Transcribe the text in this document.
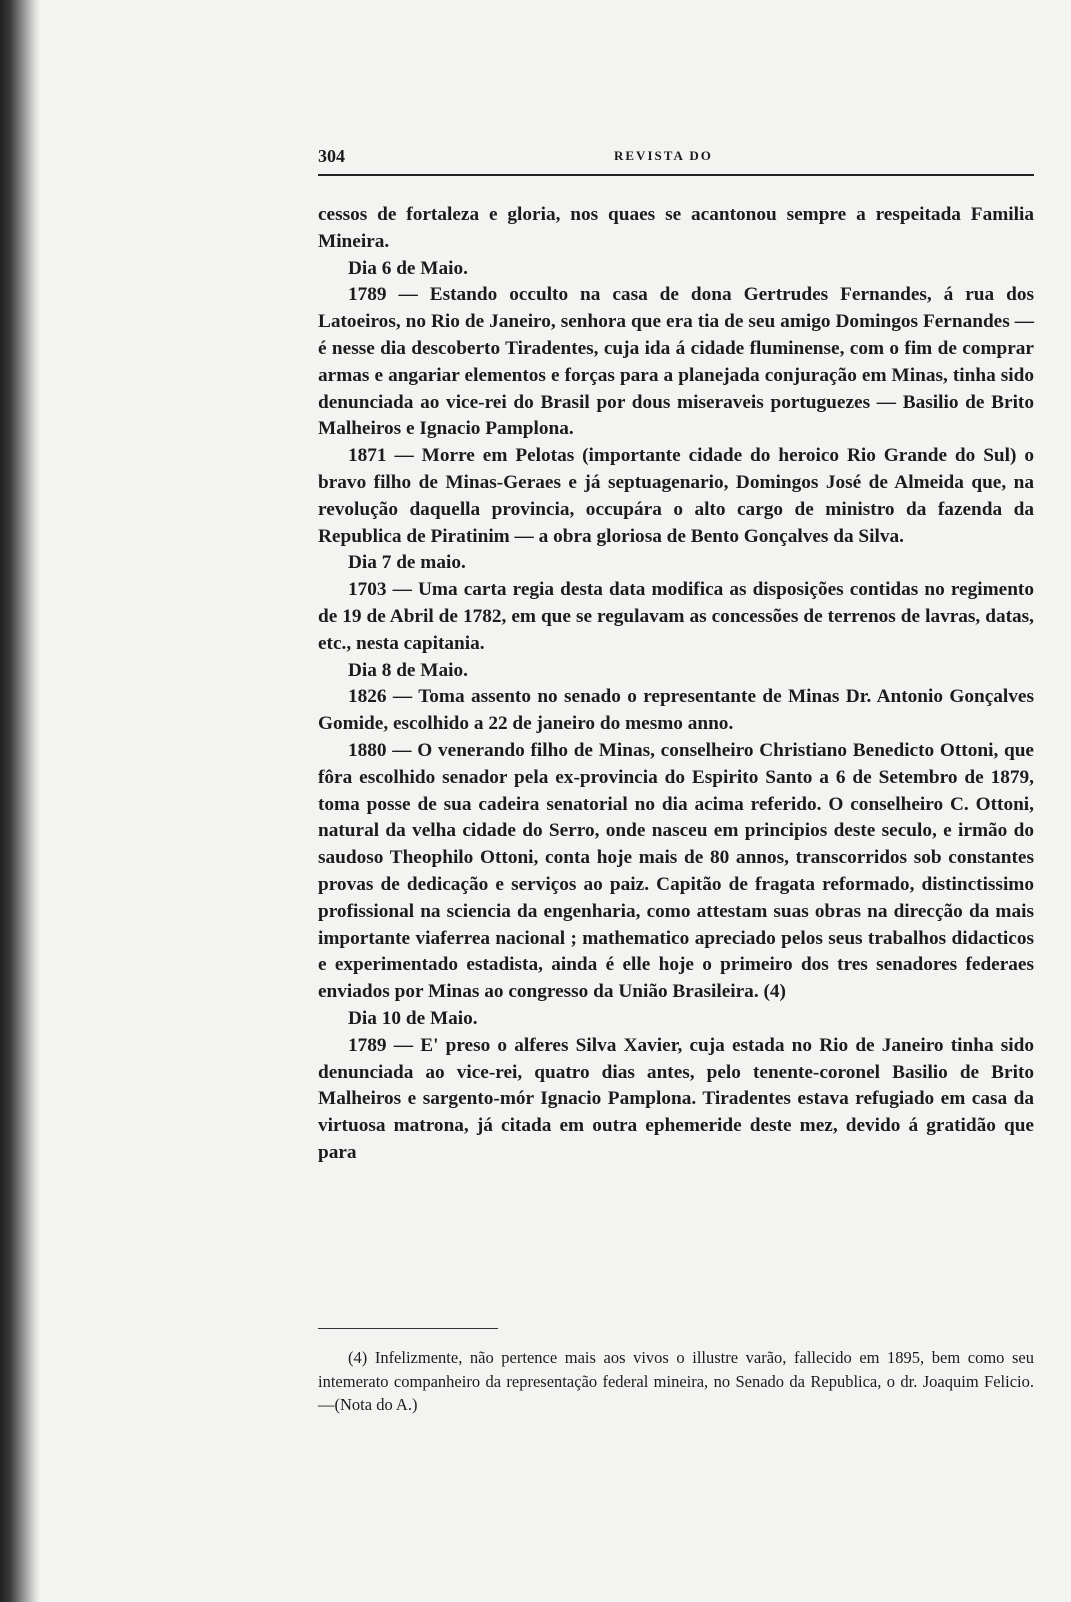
304	REVISTA DO

cessos de fortaleza e gloria, nos quaes se acantonou sempre a respeitada Familia Mineira.

Dia 6 de Maio.

1789 — Estando occulto na casa de dona Gertrudes Fernandes, á rua dos Latoeiros, no Rio de Janeiro, senhora que era tia de seu amigo Domingos Fernandes — é nesse dia descoberto Tiradentes, cuja ida á cidade fluminense, com o fim de comprar armas e angariar elementos e forças para a planejada conjuração em Minas, tinha sido denunciada ao vice-rei do Brasil por dous miseraveis portuguezes — Basilio de Brito Malheiros e Ignacio Pamplona.

1871 — Morre em Pelotas (importante cidade do heroico Rio Grande do Sul) o bravo filho de Minas-Geraes e já septuagenario, Domingos José de Almeida que, na revolução daquella provincia, occupára o alto cargo de ministro da fazenda da Republica de Piratinim — a obra gloriosa de Bento Gonçalves da Silva.

Dia 7 de maio.

1703 — Uma carta regia desta data modifica as disposições contidas no regimento de 19 de Abril de 1782, em que se regulavam as concessões de terrenos de lavras, datas, etc., nesta capitania.

Dia 8 de Maio.

1826 — Toma assento no senado o representante de Minas Dr. Antonio Gonçalves Gomide, escolhido a 22 de janeiro do mesmo anno.

1880 — O venerando filho de Minas, conselheiro Christiano Benedicto Ottoni, que fôra escolhido senador pela ex-provincia do Espirito Santo a 6 de Setembro de 1879, toma posse de sua cadeira senatorial no dia acima referido. O conselheiro C. Ottoni, natural da velha cidade do Serro, onde nasceu em principios deste seculo, e irmão do saudoso Theophilo Ottoni, conta hoje mais de 80 annos, transcorridos sob constantes provas de dedicação e serviços ao paiz. Capitão de fragata reformado, distinctissimo profissional na sciencia da engenharia, como attestam suas obras na direcção da mais importante viaferrea nacional ; mathematico apreciado pelos seus trabalhos didacticos e experimentado estadista, ainda é elle hoje o primeiro dos tres senadores federaes enviados por Minas ao congresso da União Brasileira. (4)

Dia 10 de Maio.

1789 — E' preso o alferes Silva Xavier, cuja estada no Rio de Janeiro tinha sido denunciada ao vice-rei, quatro dias antes, pelo tenente-coronel Basilio de Brito Malheiros e sargento-mór Ignacio Pamplona. Tiradentes estava refugiado em casa da virtuosa matrona, já citada em outra ephemeride deste mez, devido á gratidão que para

(4) Infelizmente, não pertence mais aos vivos o illustre varão, fallecido em 1895, bem como seu intemerato companheiro da representação federal mineira, no Senado da Republica, o dr. Joaquim Felicio.—(Nota do A.)
